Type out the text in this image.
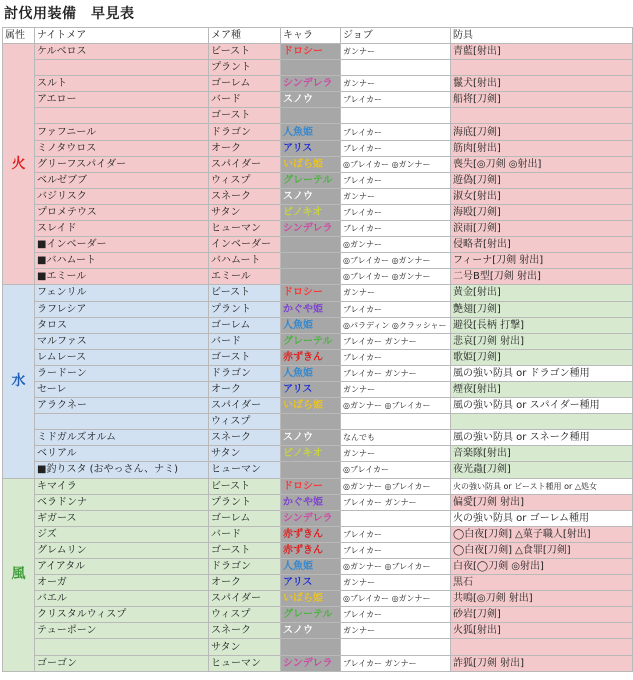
討伐用装備　早見表
属性	ナイトメア	メア種	キャラ	ジョブ	防具
火	ケルベロス	ビースト	ドロシー	ガンナー	青藍[射出]
		プラント			
	スルト	ゴーレム	シンデレラ	ガンナー	鬣犬[射出]
	アエロー	バード	スノウ	ブレイカー	船将[刀剣]
		ゴースト			
	ファフニール	ドラゴン	人魚姫	ブレイカー	海底[刀剣]
	ミノタウロス	オーク	アリス	ブレイカー	筋肉[射出]
	グリーフスパイダー	スパイダー	いばら姫	◎ブレイカー ◎ガンナー	喪失[◎刀剣 ◎射出]
	ベルゼブブ	ウィスプ	グレーテル	ブレイカー	遊偽[刀剣]
	バジリスク	スネーク	スノウ	ガンナー	淑女[射出]
	プロメテウス	サタン	ピノキオ	ブレイカー	海殴[刀剣]
	スレイド	ヒューマン	シンデレラ	ブレイカー	涙雨[刀剣]
	■インベーダー	インベーダー		◎ガンナー	侵略者[射出]
	■バハムート	バハムート		◎ブレイカー ◎ガンナー	フィーナ[刀剣 射出]
	■エミール	エミール		◎ブレイカー ◎ガンナー	二号B型[刀剣 射出]
水	フェンリル	ビースト	ドロシー	ガンナー	黄金[射出]
	ラフレシア	プラント	かぐや姫	ブレイカー	艶翅[刀剣]
	タロス	ゴーレム	人魚姫	◎パラディン ◎クラッシャー	避役[長柄 打撃]
	マルファス	バード	グレーテル	ブレイカー ガンナー	悲哀[刀剣 射出]
	レムレース	ゴースト	赤ずきん	ブレイカー	歌姫[刀剣]
	ラードーン	ドラゴン	人魚姫	ブレイカー ガンナー	風の強い防具 or ドラゴン種用
	セーレ	オーク	アリス	ガンナー	煙夜[射出]
	アラクネー	スパイダー	いばら姫	◎ガンナー ◎ブレイカー	風の強い防具 or スパイダー種用
		ウィスプ			
	ミドガルズオルム	スネーク	スノウ	なんでも	風の強い防具 or スネーク種用
	ベリアル	サタン	ピノキオ	ガンナー	音楽隊[射出]
	■釣りスタ (おやっさん、ナミ)	ヒューマン		◎ブレイカー	夜光蟲[刀剣]
風	キマイラ	ビースト	ドロシー	◎ガンナー ◎ブレイカー	火の強い防具 or ビースト種用 or △処女
	ベラドンナ	プラント	かぐや姫	ブレイカー ガンナー	偏愛[刀剣 射出]
	ギガース	ゴーレム	シンデレラ		火の強い防具 or ゴーレム種用
	ジズ	バード	赤ずきん	ブレイカー	◯白夜[刀剣] △菓子職人[射出]
	グレムリン	ゴースト	赤ずきん	ブレイカー	◯白夜[刀剣] △食罪[刀剣]
	アイアタル	ドラゴン	人魚姫	◎ガンナー ◎ブレイカー	白夜[◯刀剣 ◎射出]
	オーガ	オーク	アリス	ガンナー	黒石
	バエル	スパイダー	いばら姫	◎ブレイカー ◎ガンナー	共鳴[◎刀剣 射出]
	クリスタルウィスプ	ウィスプ	グレーテル	ブレイカー	砂岩[刀剣]
	テューポーン	スネーク	スノウ	ガンナー	火狐[射出]
		サタン			
	ゴーゴン	ヒューマン	シンデレラ	ブレイカー ガンナー	詐狐[刀剣 射出]
